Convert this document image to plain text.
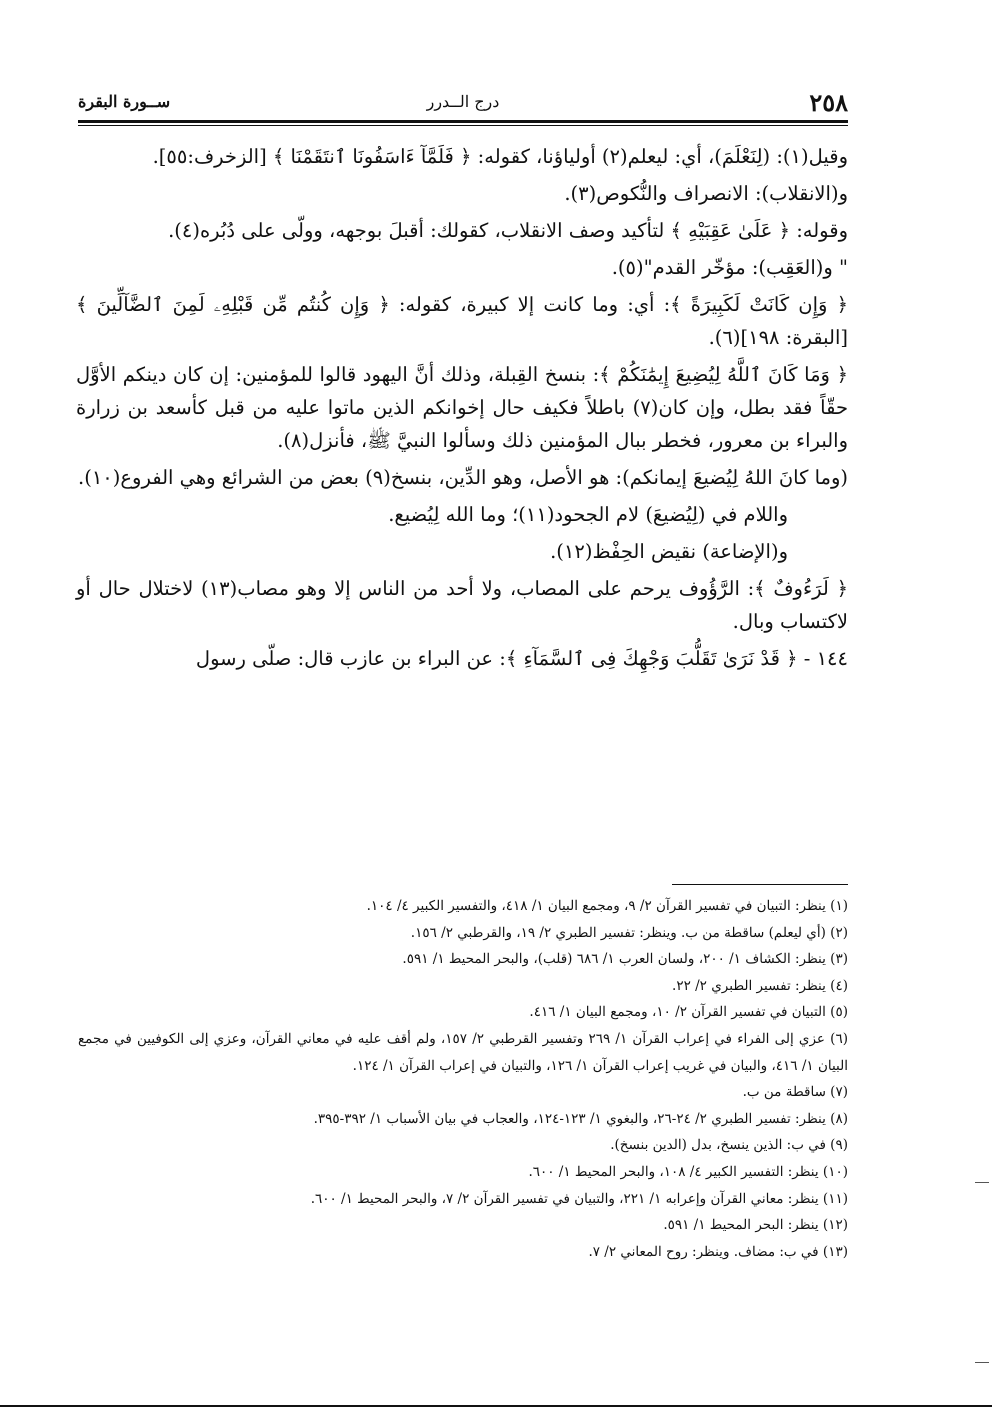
٢٥٨
درج الــدرر
ســورة البقرة

وقيل(١): (لِنَعْلَمَ)، أي: ليعلم(٢) أولياؤنا، كقوله: ﴿ فَلَمَّآ ءَاسَفُونَا ٱنتَقَمْنَا ﴾ [الزخرف:٥٥].

و(الانقلاب): الانصراف والنُّكوص(٣).

وقوله: ﴿ عَلَىٰ عَقِبَيْهِ ﴾ لتأكيد وصف الانقلاب، كقولك: أقبلَ بوجهه، وولّى على دُبُره(٤).

" و(العَقِب): مؤخّر القدم"(٥).

﴿ وَإِن كَانَتْ لَكَبِيرَةً ﴾: أي: وما كانت إلا كبيرة، كقوله: ﴿ وَإِن كُنتُم مِّن قَبْلِهِۦ لَمِنَ ٱلضَّآلِّينَ ﴾ [البقرة: ١٩٨](٦).

﴿ وَمَا كَانَ ٱللَّهُ لِيُضِيعَ إِيمَٰنَكُمْ ﴾: بنسخ القِبلة، وذلك أنَّ اليهود قالوا للمؤمنين: إن كان دينكم الأوَّل حقّاً فقد بطل، وإن كان(٧) باطلاً فكيف حال إخوانكم الذين ماتوا عليه من قبل كأسعد بن زرارة والبراء بن معرور، فخطر ببال المؤمنين ذلك وسألوا النبيَّ ﷺ، فأنزل(٨).

(وما كانَ اللهُ لِيُضيعَ إيمانكم): هو الأصل، وهو الدِّين، بنسخ(٩) بعض من الشرائع وهي الفروع(١٠).

واللام في (لِيُضيعَ) لام الجحود(١١)؛ وما الله لِيُضيع.

و(الإضاعة) نقيض الحِفْظ(١٢).

﴿ لَرَءُوفٌ ﴾: الرَّؤُوف يرحم على المصاب، ولا أحد من الناس إلا وهو مصاب(١٣) لاختلال حال أو لاكتساب وبال.

١٤٤ - ﴿ قَدْ نَرَىٰ تَقَلُّبَ وَجْهِكَ فِى ٱلسَّمَآءِ ﴾: عن البراء بن عازب قال: صلّى رسول

(١) ينظر: التبيان في تفسير القرآن ٢/ ٩، ومجمع البيان ١/ ٤١٨، والتفسير الكبير ٤/ ١٠٤.

(٢) (أي ليعلم) ساقطة من ب. وينظر: تفسير الطبري ٢/ ١٩، والقرطبي ٢/ ١٥٦.

(٣) ينظر: الكشاف ١/ ٢٠٠، ولسان العرب ١/ ٦٨٦ (قلب)، والبحر المحيط ١/ ٥٩١.

(٤) ينظر: تفسير الطبري ٢/ ٢٢.

(٥) التبيان في تفسير القرآن ٢/ ١٠، ومجمع البيان ١/ ٤١٦.

(٦) عزي إلى الفراء في إعراب القرآن ١/ ٢٦٩ وتفسير القرطبي ٢/ ١٥٧، ولم أقف عليه في معاني القرآن، وعزي إلى الكوفيين في مجمع البيان ١/ ٤١٦، والبيان في غريب إعراب القرآن ١/ ١٢٦، والتبيان في إعراب القرآن ١/ ١٢٤.

(٧) ساقطة من ب.

(٨) ينظر: تفسير الطبري ٢/ ٢٤-٢٦، والبغوي ١/ ١٢٣-١٢٤، والعجاب في بيان الأسباب ١/ ٣٩٢-٣٩٥.

(٩) في ب: الذين ينسخ، بدل (الدين بنسخ).

(١٠) ينظر: التفسير الكبير ٤/ ١٠٨، والبحر المحيط ١/ ٦٠٠.

(١١) ينظر: معاني القرآن وإعرابه ١/ ٢٢١، والتبيان في تفسير القرآن ٢/ ٧، والبحر المحيط ١/ ٦٠٠.

(١٢) ينظر: البحر المحيط ١/ ٥٩١.

(١٣) في ب: مضاف. وينظر: روح المعاني ٢/ ٧.
